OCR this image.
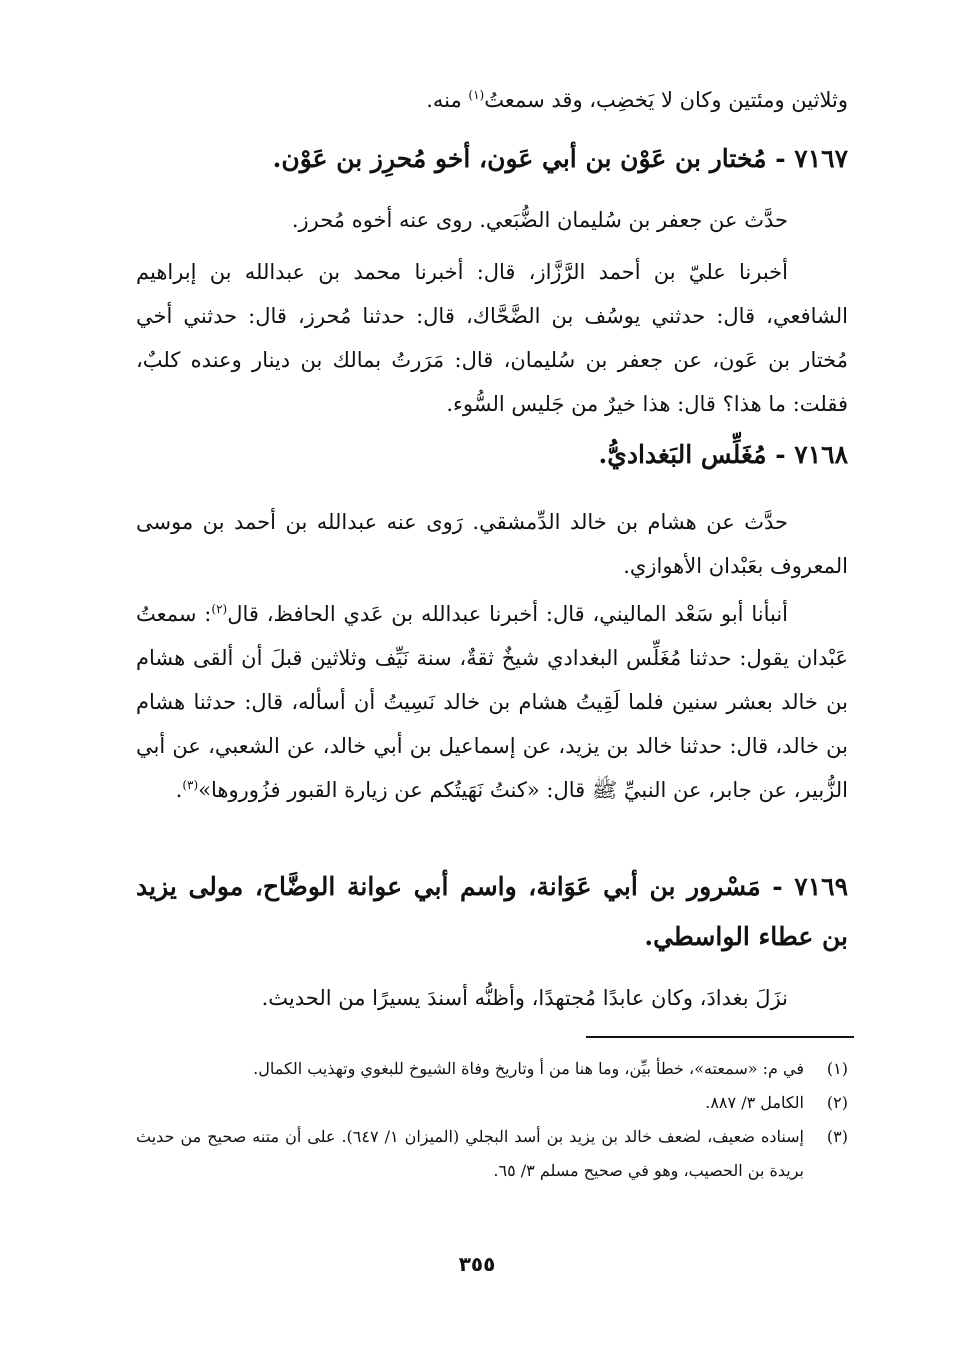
وثلاثين ومئتين وكان لا يَخضِب، وقد سمعتُ$^{(١)}$ منه.
٧١٦٧ - مُختار بن عَوْن بن أبي عَون، أخو مُحرِز بن عَوْن.
حدَّث عن جعفر بن سُليمان الضُّبَعي. روى عنه أخوه مُحرز.
أخبرنا عليّ بن أحمد الرَّزَّاز، قال: أخبرنا محمد بن عبدالله بن إبراهيم الشافعي، قال: حدثني يوسُف بن الضَّحَّاك، قال: حدثنا مُحرز، قال: حدثني أخي مُختار بن عَون، عن جعفر بن سُليمان، قال: مَرَرتُ بمالك بن دينار وعنده كلبٌ، فقلت: ما هذا؟ قال: هذا خيرٌ من جَليس السُّوء.
٧١٦٨ - مُغَلِّس البَغداديُّ.
حدَّث عن هشام بن خالد الدِّمشقي. رَوى عنه عبدالله بن أحمد بن موسى المعروف بعَبْدان الأهوازي.
أنبأنا أبو سَعْد الماليني، قال: أخبرنا عبدالله بن عَدي الحافظ، قال$^{(٢)}$: سمعتُ عَبْدان يقول: حدثنا مُغَلِّس البغدادي شيخٌ ثقةٌ، سنة نَيِّف وثلاثين قبلَ أن ألقى هشام بن خالد بعشر سنين فلما لَقِيتُ هشام بن خالد نَسِيتُ أن أسأله، قال: حدثنا هشام بن خالد، قال: حدثنا خالد بن يزيد، عن إسماعيل بن أبي خالد، عن الشعبي، عن أبي الزُّبير، عن جابر، عن النبيِّ ﷺ قال: «كنتُ نَهَيتُكم عن زيارة القبور فزُوروها»$^{(٣)}$.
٧١٦٩ - مَسْرور بن أبي عَوَانة، واسم أبي عوانة الوضَّاح، مولى يزيد بن عطاء الواسطي.
نزَلَ بغدادَ، وكان عابدًا مُجتهدًا، وأظنُّه أسندَ يسيرًا من الحديث.
(١)
في م: «سمعته»، خطأ بيِّن، وما هنا من أ وتاريخ وفاة الشيوخ للبغوي وتهذيب الكمال.
(٢)
الكامل ٣/ ٨٨٧.
(٣)
إسناده ضعيف، لضعف خالد بن يزيد بن أسد البجلي (الميزان ١/ ٦٤٧). على أن متنه صحيح من حديث بريدة بن الحصيب، وهو في صحيح مسلم ٣/ ٦٥.
٣٥٥
